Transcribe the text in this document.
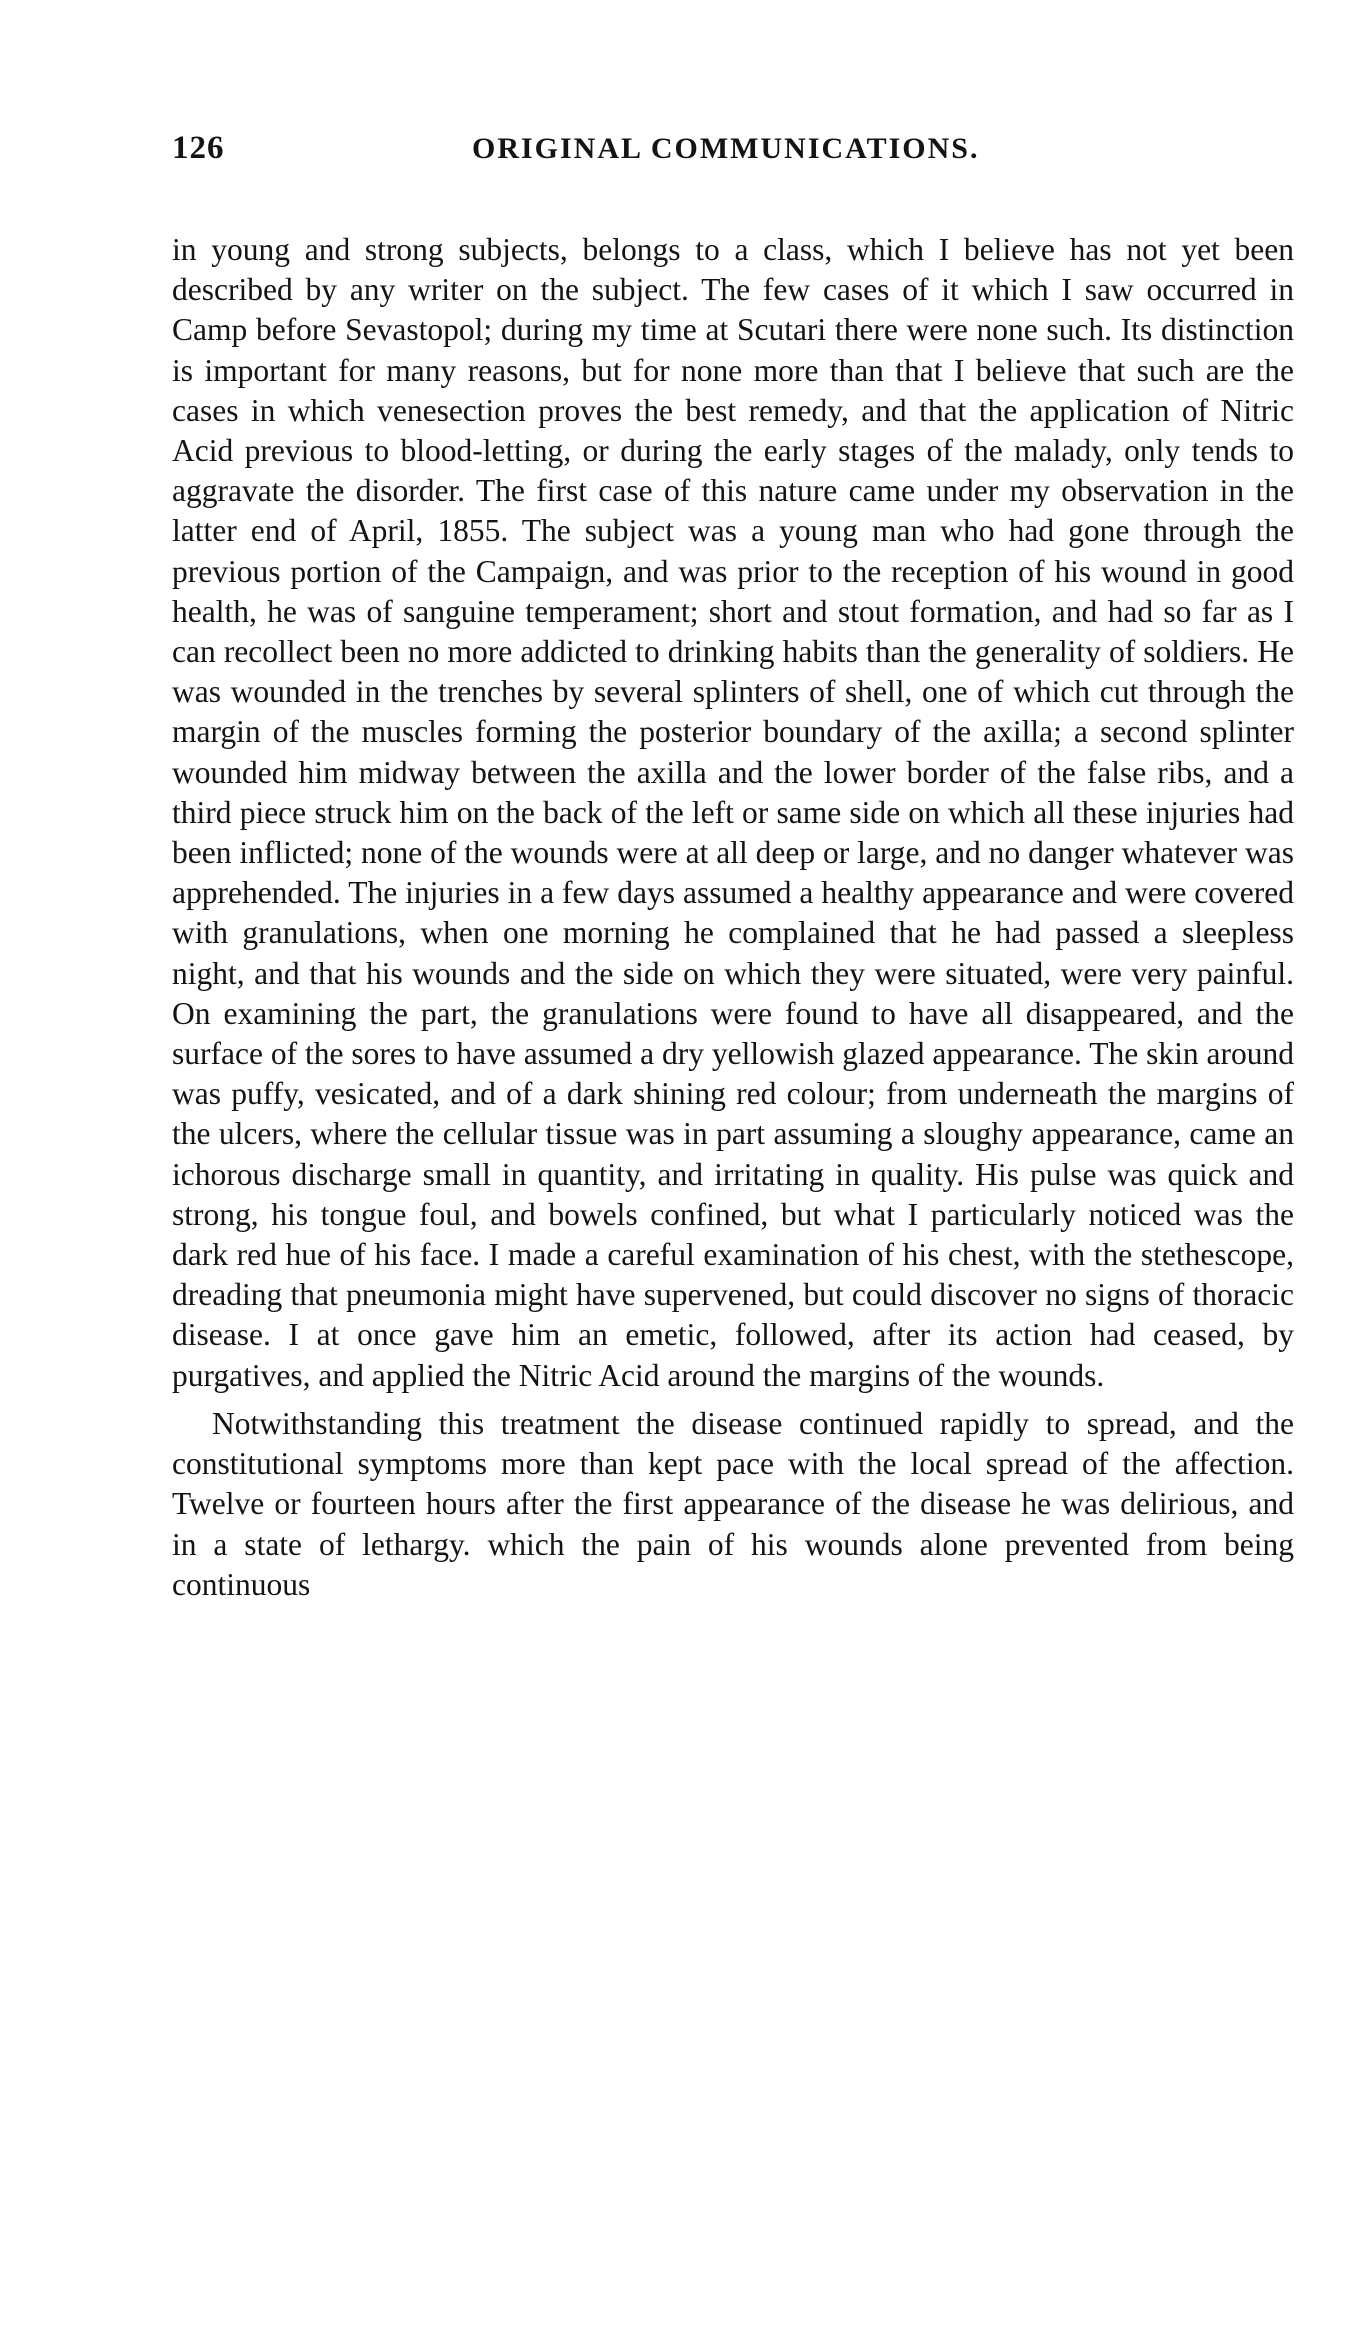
126	ORIGINAL COMMUNICATIONS.

in young and strong subjects, belongs to a class, which I believe has not yet been described by any writer on the subject. The few cases of it which I saw occurred in Camp before Sevastopol; during my time at Scutari there were none such. Its distinction is important for many reasons, but for none more than that I believe that such are the cases in which venesection proves the best remedy, and that the application of Nitric Acid previous to blood-letting, or during the early stages of the malady, only tends to aggravate the disorder. The first case of this nature came under my observation in the latter end of April, 1855. The subject was a young man who had gone through the previous portion of the Campaign, and was prior to the reception of his wound in good health, he was of sanguine temperament; short and stout formation, and had so far as I can recollect been no more addicted to drinking habits than the generality of soldiers. He was wounded in the trenches by several splinters of shell, one of which cut through the margin of the muscles forming the posterior boundary of the axilla; a second splinter wounded him midway between the axilla and the lower border of the false ribs, and a third piece struck him on the back of the left or same side on which all these injuries had been inflicted; none of the wounds were at all deep or large, and no danger whatever was apprehended. The injuries in a few days assumed a healthy appearance and were covered with granulations, when one morning he complained that he had passed a sleepless night, and that his wounds and the side on which they were situated, were very painful. On examining the part, the granulations were found to have all disappeared, and the surface of the sores to have assumed a dry yellowish glazed appearance. The skin around was puffy, vesicated, and of a dark shining red colour; from underneath the margins of the ulcers, where the cellular tissue was in part assuming a sloughy appearance, came an ichorous discharge small in quantity, and irritating in quality. His pulse was quick and strong, his tongue foul, and bowels confined, but what I particularly noticed was the dark red hue of his face. I made a careful examination of his chest, with the stethescope, dreading that pneumonia might have supervened, but could discover no signs of thoracic disease. I at once gave him an emetic, followed, after its action had ceased, by purgatives, and applied the Nitric Acid around the margins of the wounds.

Notwithstanding this treatment the disease continued rapidly to spread, and the constitutional symptoms more than kept pace with the local spread of the affection. Twelve or fourteen hours after the first appearance of the disease he was delirious, and in a state of lethargy. which the pain of his wounds alone prevented from being continuous
